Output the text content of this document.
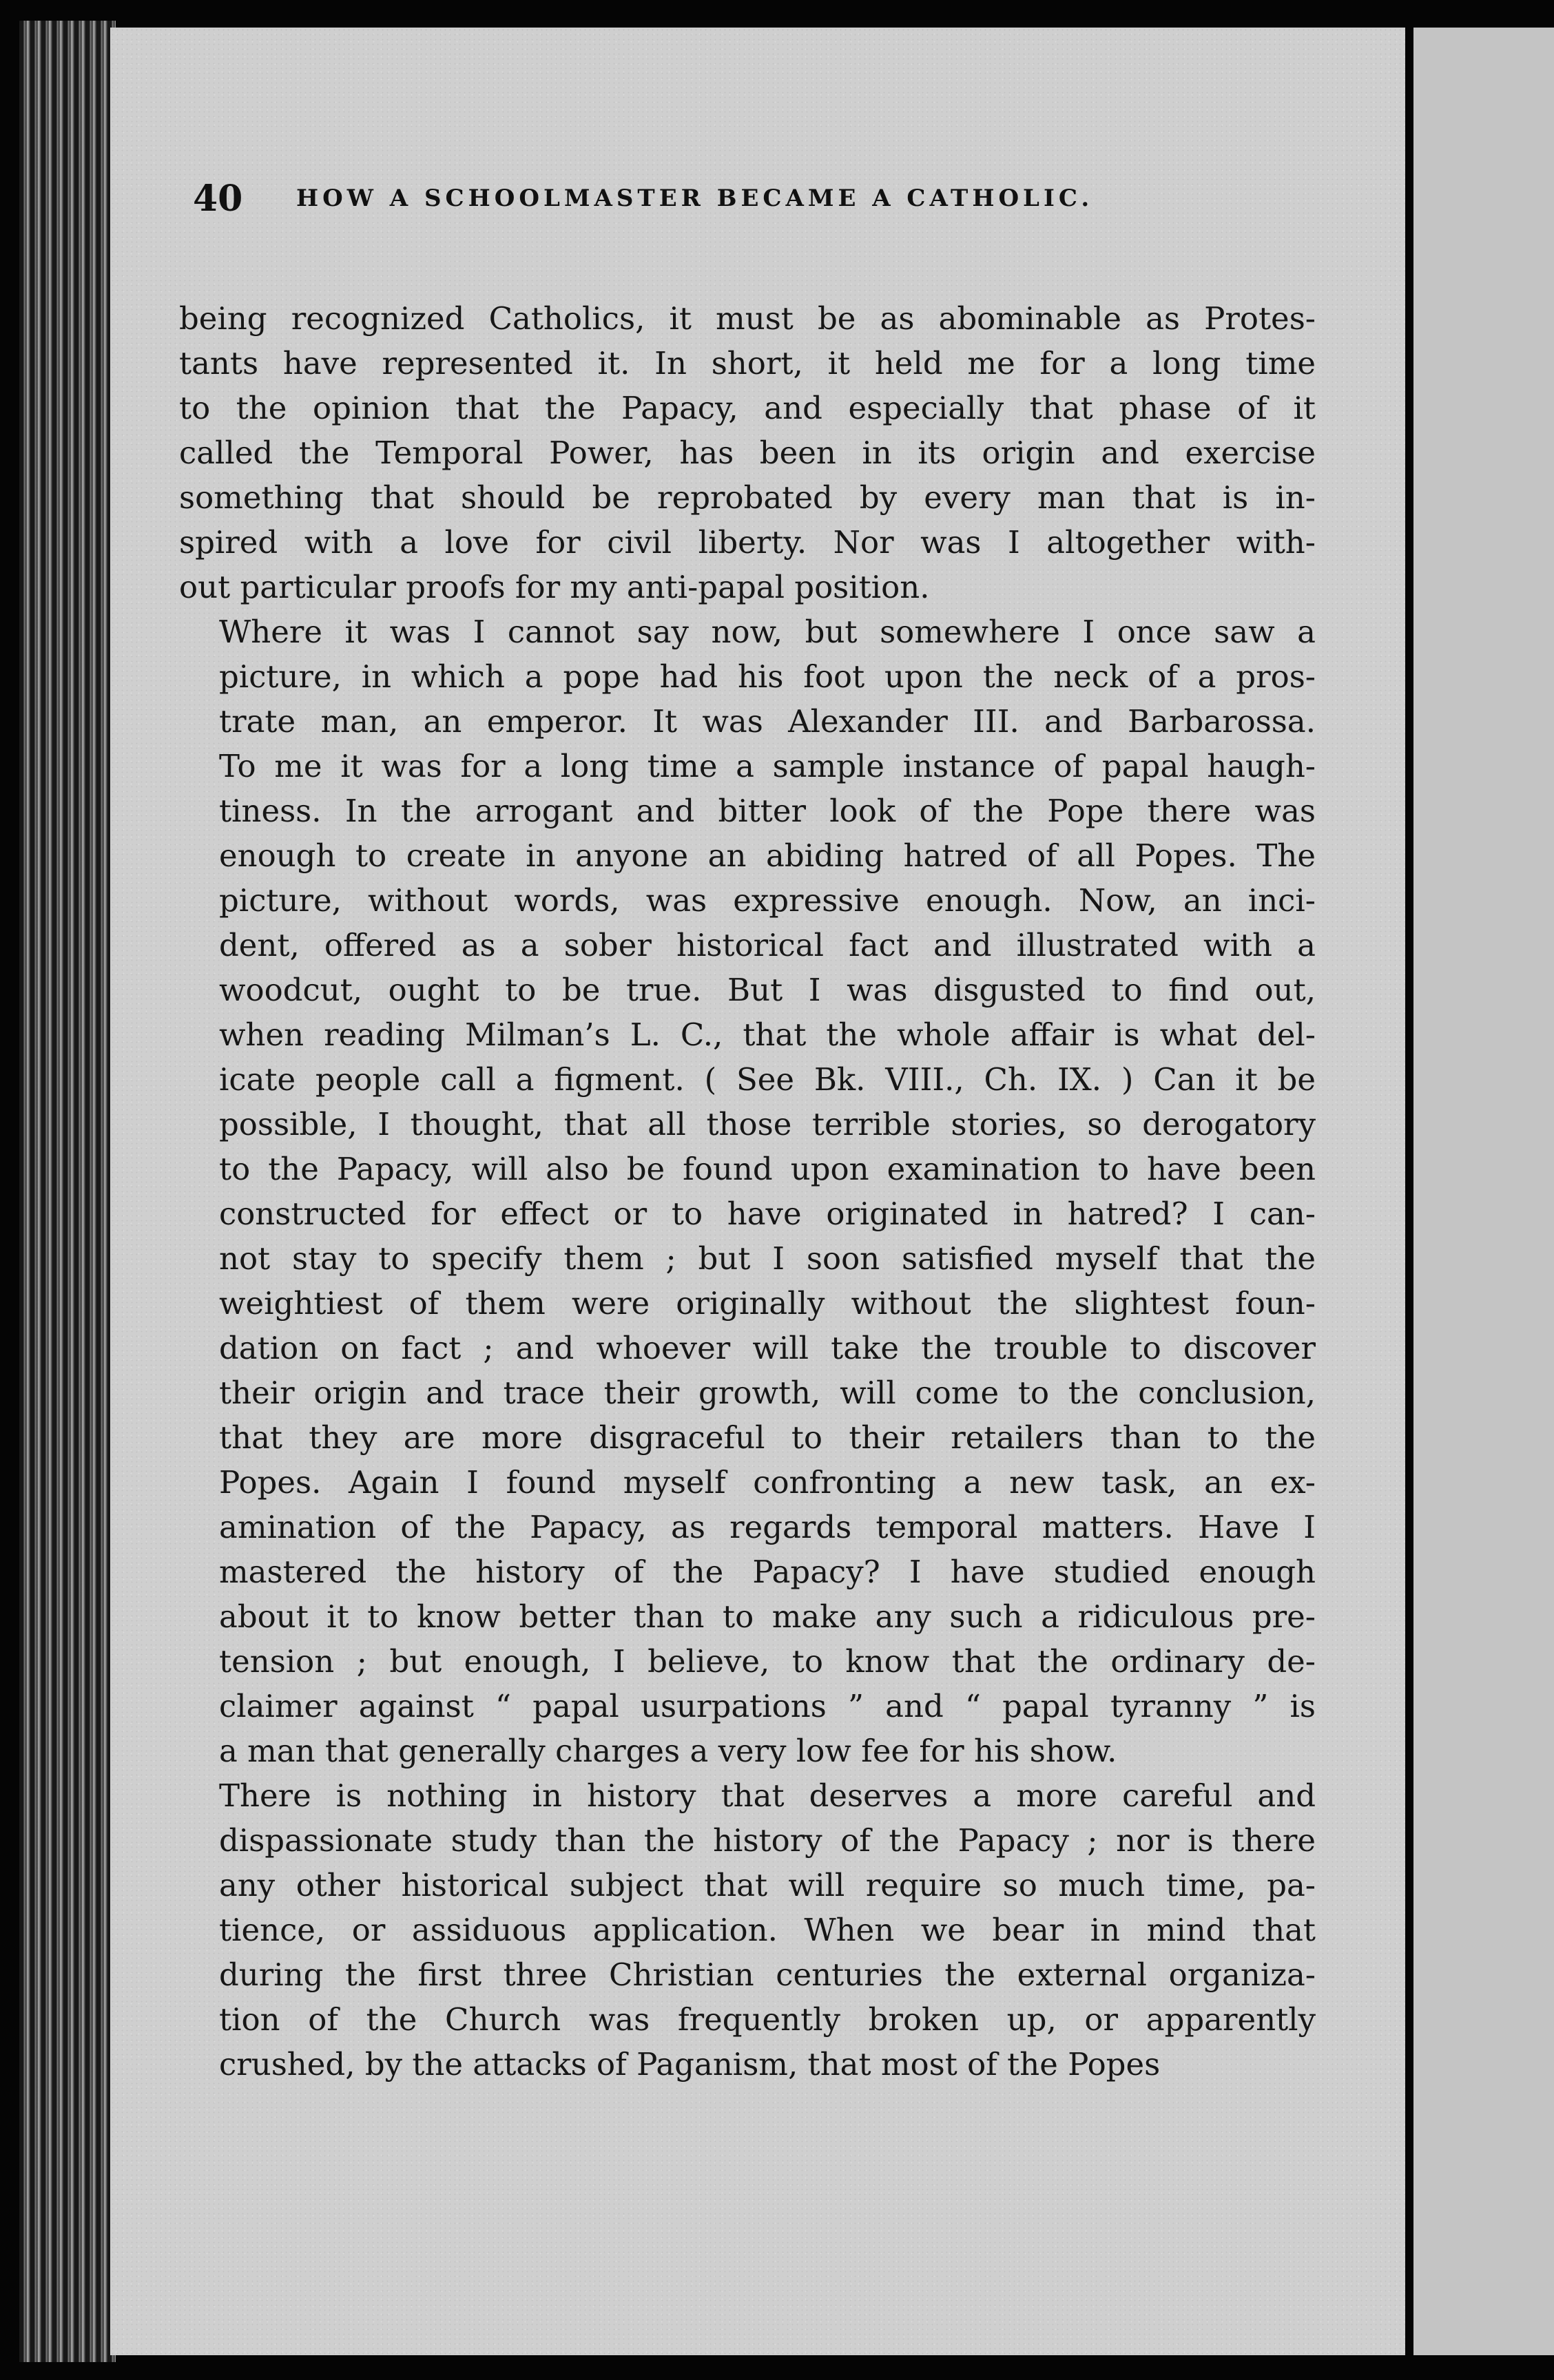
40 HOW A SCHOOLMASTER BECAME A CATHOLIC.

being recognized Catholics, it must be as abominable as Protes-
tants have represented it. In short, it held me for a long time
to the opinion that the Papacy, and especially that phase of it
called the Temporal Power, has been in its origin and exercise
something that should be reprobated by every man that is in-
spired with a love for civil liberty. Nor was I altogether with-
out particular proofs for my anti-papal position.

Where it was I cannot say now, but somewhere I once saw a
picture, in which a pope had his foot upon the neck of a pros-
trate man, an emperor. It was Alexander III. and Barbarossa.
To me it was for a long time a sample instance of papal haugh-
tiness. In the arrogant and bitter look of the Pope there was
enough to create in anyone an abiding hatred of all Popes. The
picture, without words, was expressive enough. Now, an inci-
dent, offered as a sober historical fact and illustrated with a
woodcut, ought to be true. But I was disgusted to find out,
when reading Milman’s L. C., that the whole affair is what del-
icate people call a figment. ( See Bk. VIII., Ch. IX. ) Can it be
possible, I thought, that all those terrible stories, so derogatory
to the Papacy, will also be found upon examination to have been
constructed for effect or to have originated in hatred? I can-
not stay to specify them ; but I soon satisfied myself that the
weightiest of them were originally without the slightest foun-
dation on fact ; and whoever will take the trouble to discover
their origin and trace their growth, will come to the conclusion,
that they are more disgraceful to their retailers than to the
Popes. Again I found myself confronting a new task, an ex-
amination of the Papacy, as regards temporal matters. Have I
mastered the history of the Papacy? I have studied enough
about it to know better than to make any such a ridiculous pre-
tension ; but enough, I believe, to know that the ordinary de-
claimer against “ papal usurpations ” and “ papal tyranny ” is
a man that generally charges a very low fee for his show.

There is nothing in history that deserves a more careful and
dispassionate study than the history of the Papacy ; nor is there
any other historical subject that will require so much time, pa-
tience, or assiduous application. When we bear in mind that
during the first three Christian centuries the external organiza-
tion of the Church was frequently broken up, or apparently
crushed, by the attacks of Paganism, that most of the Popes
